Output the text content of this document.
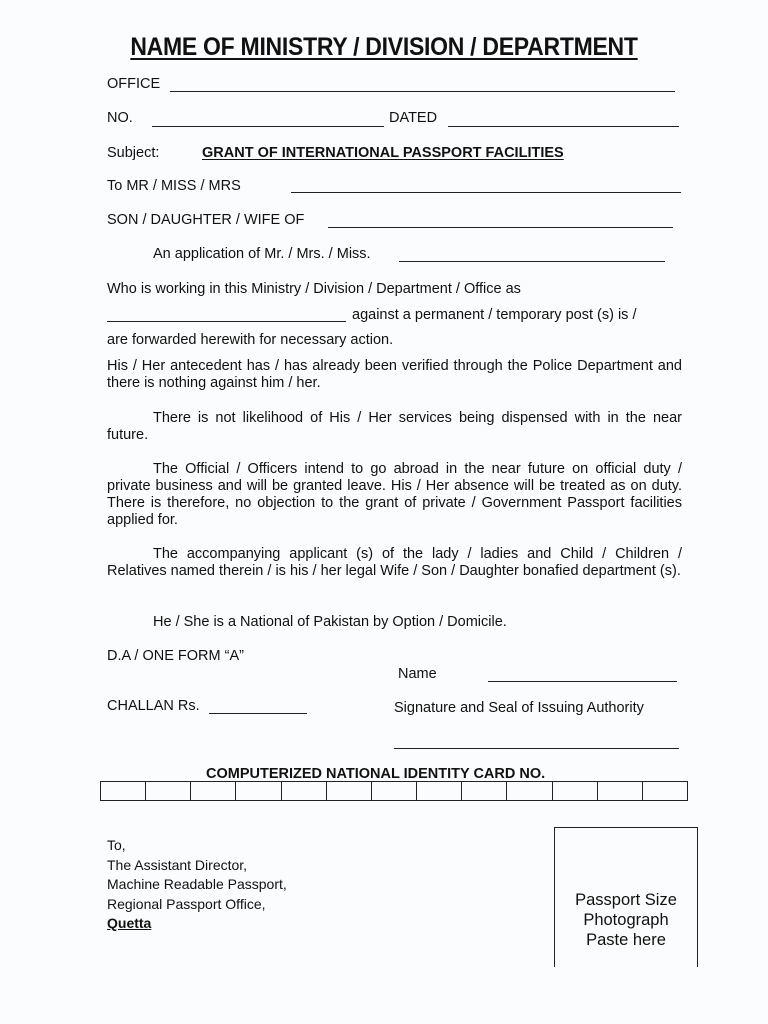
NAME OF MINISTRY / DIVISION / DEPARTMENT
OFFICE
NO.	DATED
Subject:	GRANT OF INTERNATIONAL PASSPORT FACILITIES
To MR / MISS / MRS
SON / DAUGHTER / WIFE OF
An application of Mr. / Mrs. / Miss.
Who is working in this Ministry / Division / Department / Office as
against a permanent / temporary post (s) is /
are forwarded herewith for necessary action.
His / Her antecedent has / has already been verified through the Police Department and there is nothing against him / her.
There is not likelihood of His / Her services being dispensed with in the near future.
The Official / Officers intend to go abroad in the near future on official duty / private business and will be granted leave. His / Her absence will be treated as on duty. There is therefore, no objection to the grant of private / Government Passport facilities applied for.
The accompanying applicant (s) of the lady / ladies and Child / Children / Relatives named therein / is his / her legal Wife / Son / Daughter bonafied department (s).
He / She is a National of Pakistan by Option / Domicile.
D.A / ONE FORM “A”
Name
CHALLAN Rs.	Signature and Seal of Issuing Authority
COMPUTERIZED NATIONAL IDENTITY CARD NO.
To,
The Assistant Director,
Machine Readable Passport,
Regional Passport Office,
Quetta
Passport Size
Photograph
Paste here
